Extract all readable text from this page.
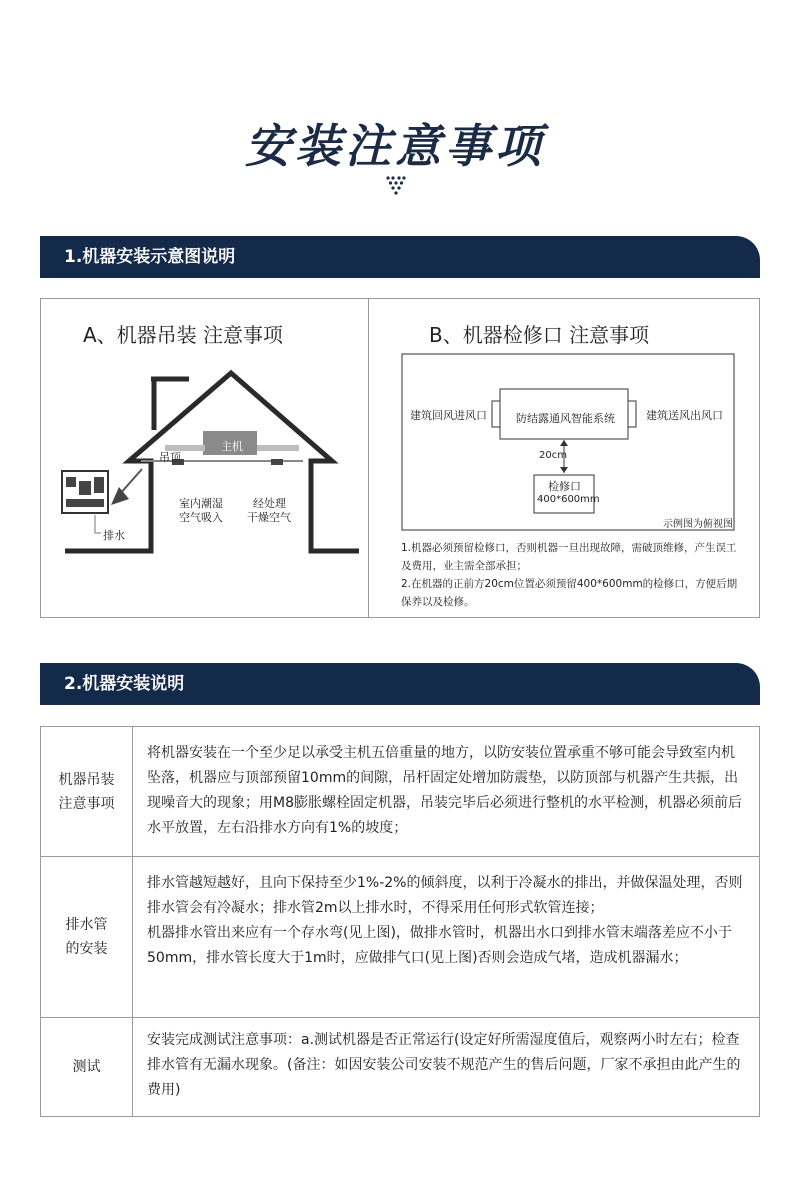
安装注意事项
1.机器安装示意图说明
A、机器吊装 注意事项
主机
吊顶
室内潮湿
空气吸入
经处理
干燥空气
排水
B、机器检修口 注意事项
建筑回风进风口	防结露通风智能系统	建筑送风出风口
20cm
检修口
400*600mm
示例图为俯视图
1.机器必须预留检修口，否则机器一旦出现故障，需破顶维修，产生误工及费用，业主需全部承担；
2.在机器的正前方20cm位置必须预留400*600mm的检修口，方便后期保养以及检修。
2.机器安装说明
机器吊装
注意事项	将机器安装在一个至少足以承受主机五倍重量的地方，以防安装位置承重不够可能会导致室内机坠落，机器应与顶部预留10mm的间隙，吊杆固定处增加防震垫，以防顶部与机器产生共振，出现噪音大的现象；用M8膨胀螺栓固定机器，吊装完毕后必须进行整机的水平检测，机器必须前后水平放置，左右沿排水方向有1%的坡度；
排水管
的安装	排水管越短越好，且向下保持至少1%-2%的倾斜度，以利于冷凝水的排出，并做保温处理，否则排水管会有冷凝水；排水管2m以上排水时，不得采用任何形式软管连接；
机器排水管出来应有一个存水弯(见上图)，做排水管时，机器出水口到排水管末端落差应不小于50mm，排水管长度大于1m时，应做排气口(见上图)否则会造成气堵，造成机器漏水；
测试	安装完成测试注意事项：a.测试机器是否正常运行(设定好所需湿度值后，观察两小时左右；检查排水管有无漏水现象。(备注：如因安装公司安装不规范产生的售后问题，厂家不承担由此产生的费用)
